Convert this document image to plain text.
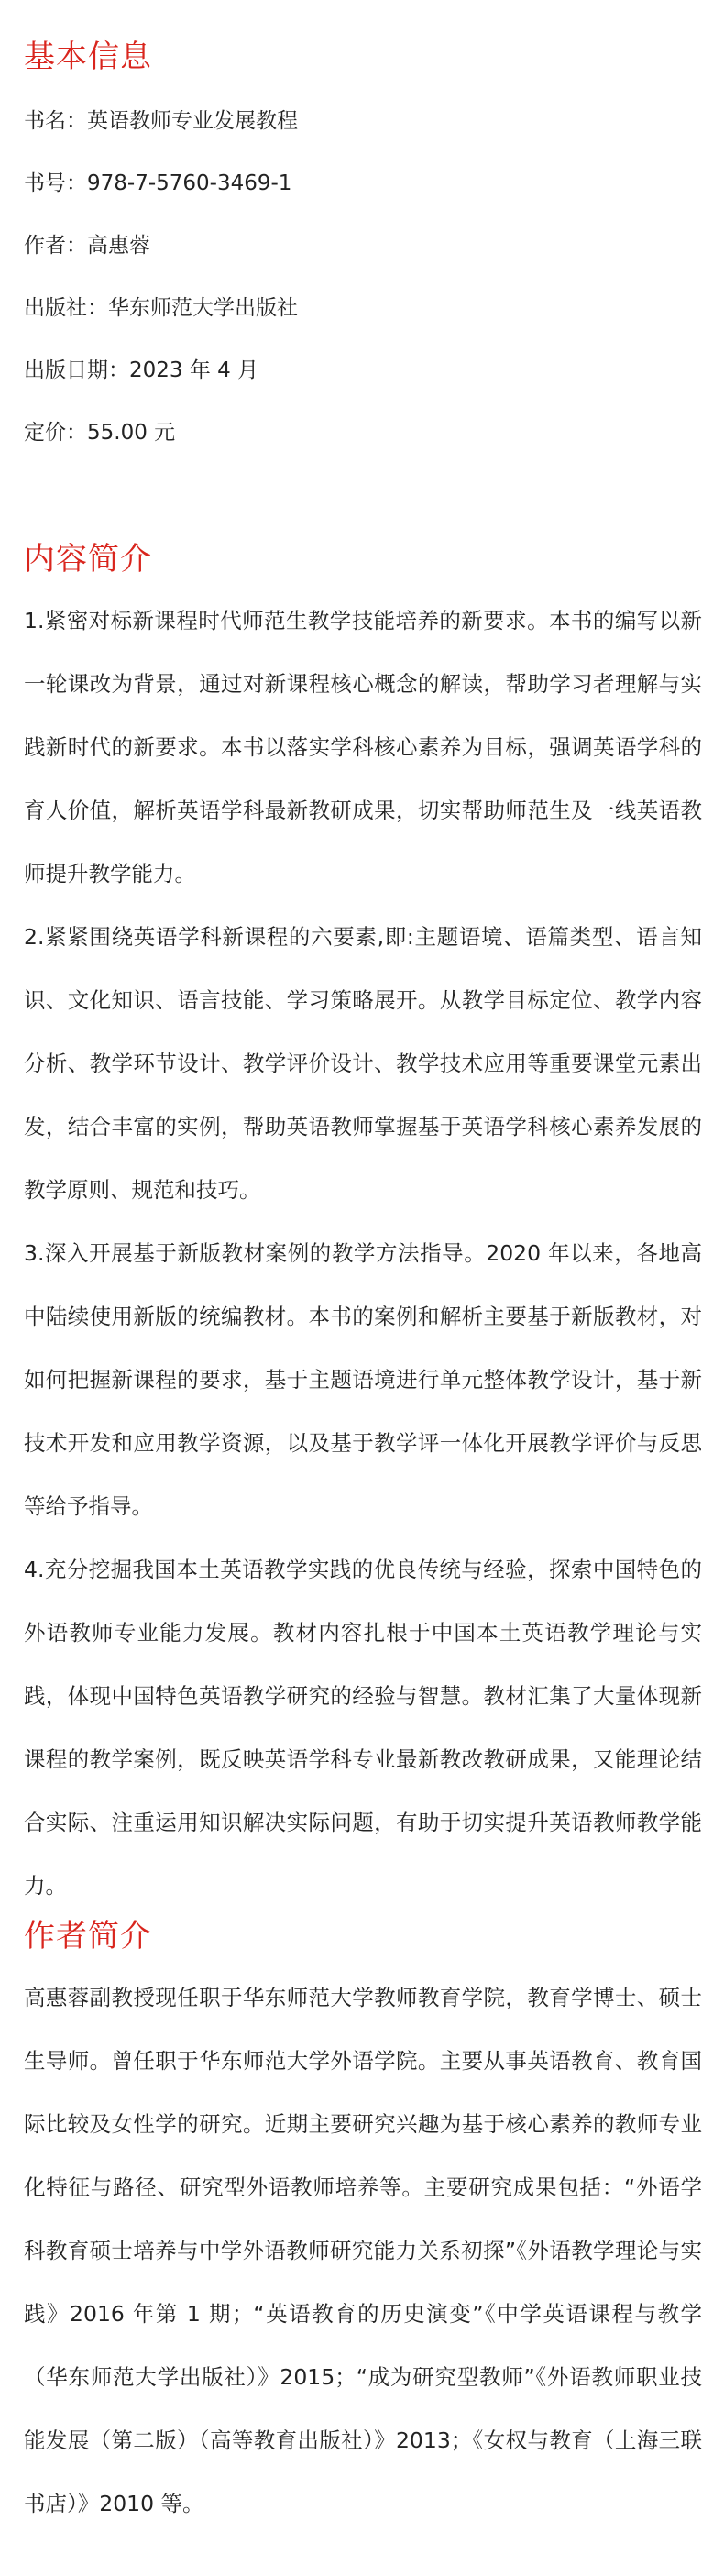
基本信息

书名：英语教师专业发展教程

书号：978-7-5760-3469-1

作者：高惠蓉

出版社：华东师范大学出版社

出版日期：2023 年 4 月

定价：55.00 元

内容简介

1.紧密对标新课程时代师范生教学技能培养的新要求。本书的编写以新一轮课改为背景，通过对新课程核心概念的解读，帮助学习者理解与实践新时代的新要求。本书以落实学科核心素养为目标，强调英语学科的育人价值，解析英语学科最新教研成果，切实帮助师范生及一线英语教师提升教学能力。

2.紧紧围绕英语学科新课程的六要素,即:主题语境、语篇类型、语言知识、文化知识、语言技能、学习策略展开。从教学目标定位、教学内容分析、教学环节设计、教学评价设计、教学技术应用等重要课堂元素出发，结合丰富的实例，帮助英语教师掌握基于英语学科核心素养发展的教学原则、规范和技巧。

3.深入开展基于新版教材案例的教学方法指导。2020 年以来，各地高中陆续使用新版的统编教材。本书的案例和解析主要基于新版教材，对如何把握新课程的要求，基于主题语境进行单元整体教学设计，基于新技术开发和应用教学资源，以及基于教学评一体化开展教学评价与反思等给予指导。

4.充分挖掘我国本土英语教学实践的优良传统与经验，探索中国特色的外语教师专业能力发展。教材内容扎根于中国本土英语教学理论与实践，体现中国特色英语教学研究的经验与智慧。教材汇集了大量体现新课程的教学案例，既反映英语学科专业最新教改教研成果，又能理论结合实际、注重运用知识解决实际问题，有助于切实提升英语教师教学能力。

作者简介

高惠蓉副教授现任职于华东师范大学教师教育学院，教育学博士、硕士生导师。曾任职于华东师范大学外语学院。主要从事英语教育、教育国际比较及女性学的研究。近期主要研究兴趣为基于核心素养的教师专业化特征与路径、研究型外语教师培养等。主要研究成果包括：“外语学科教育硕士培养与中学外语教师研究能力关系初探”《外语教学理论与实践》2016 年第 1 期；“英语教育的历史演变”《中学英语课程与教学（华东师范大学出版社）》2015；“成为研究型教师”《外语教师职业技能发展（第二版）（高等教育出版社）》2013；《女权与教育（上海三联书店）》2010 等。
